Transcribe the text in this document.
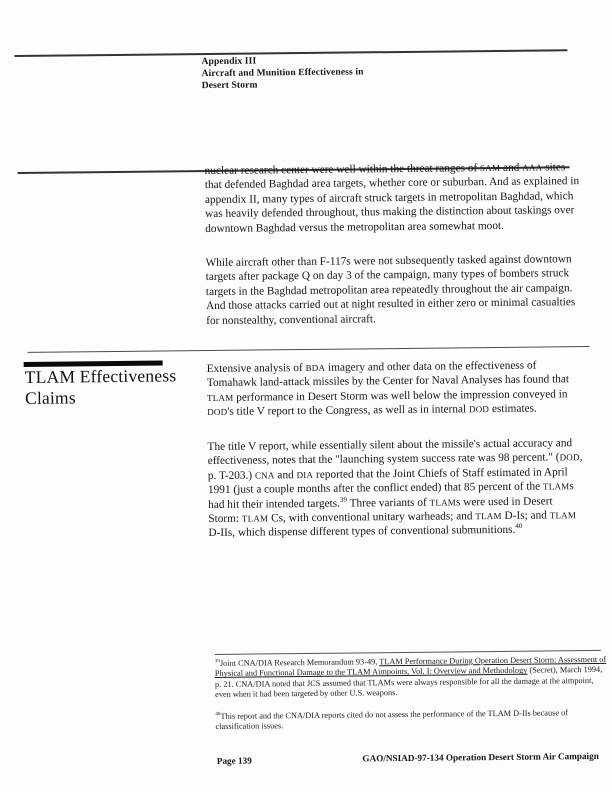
Appendix III
Aircraft and Munition Effectiveness in
Desert Storm
nuclear research center were well within the threat ranges of SAM and AAA sites that defended Baghdad area targets, whether core or suburban. And as explained in appendix II, many types of aircraft struck targets in metropolitan Baghdad, which was heavily defended throughout, thus making the distinction about taskings over downtown Baghdad versus the metropolitan area somewhat moot.
While aircraft other than F-117s were not subsequently tasked against downtown targets after package Q on day 3 of the campaign, many types of bombers struck targets in the Baghdad metropolitan area repeatedly throughout the air campaign. And those attacks carried out at night resulted in either zero or minimal casualties for nonstealthy, conventional aircraft.
TLAM Effectiveness Claims
Extensive analysis of BDA imagery and other data on the effectiveness of Tomahawk land-attack missiles by the Center for Naval Analyses has found that TLAM performance in Desert Storm was well below the impression conveyed in DOD's title V report to the Congress, as well as in internal DOD estimates.
The title V report, while essentially silent about the missile's actual accuracy and effectiveness, notes that the "launching system success rate was 98 percent." (DOD, p. T-203.) CNA and DIA reported that the Joint Chiefs of Staff estimated in April 1991 (just a couple months after the conflict ended) that 85 percent of the TLAMs had hit their intended targets.$^{39}$ Three variants of TLAMs were used in Desert Storm: TLAM Cs, with conventional unitary warheads; and TLAM D-Is; and TLAM D-IIs, which dispense different types of conventional submunitions.$^{40}$
$^{39}$Joint CNA/DIA Research Memorandum 93-49, TLAM Performance During Operation Desert Storm: Assessment of Physical and Functional Damage to the TLAM Aimpoints, Vol. I: Overview and Methodology (Secret), March 1994, p. 21. CNA/DIA noted that JCS assumed that TLAMs were always responsible for all the damage at the aimpoint, even when it had been targeted by other U.S. weapons.
$^{40}$This report and the CNA/DIA reports cited do not assess the performance of the TLAM D-IIs because of classification issues.
Page 139	GAO/NSIAD-97-134 Operation Desert Storm Air Campaign
